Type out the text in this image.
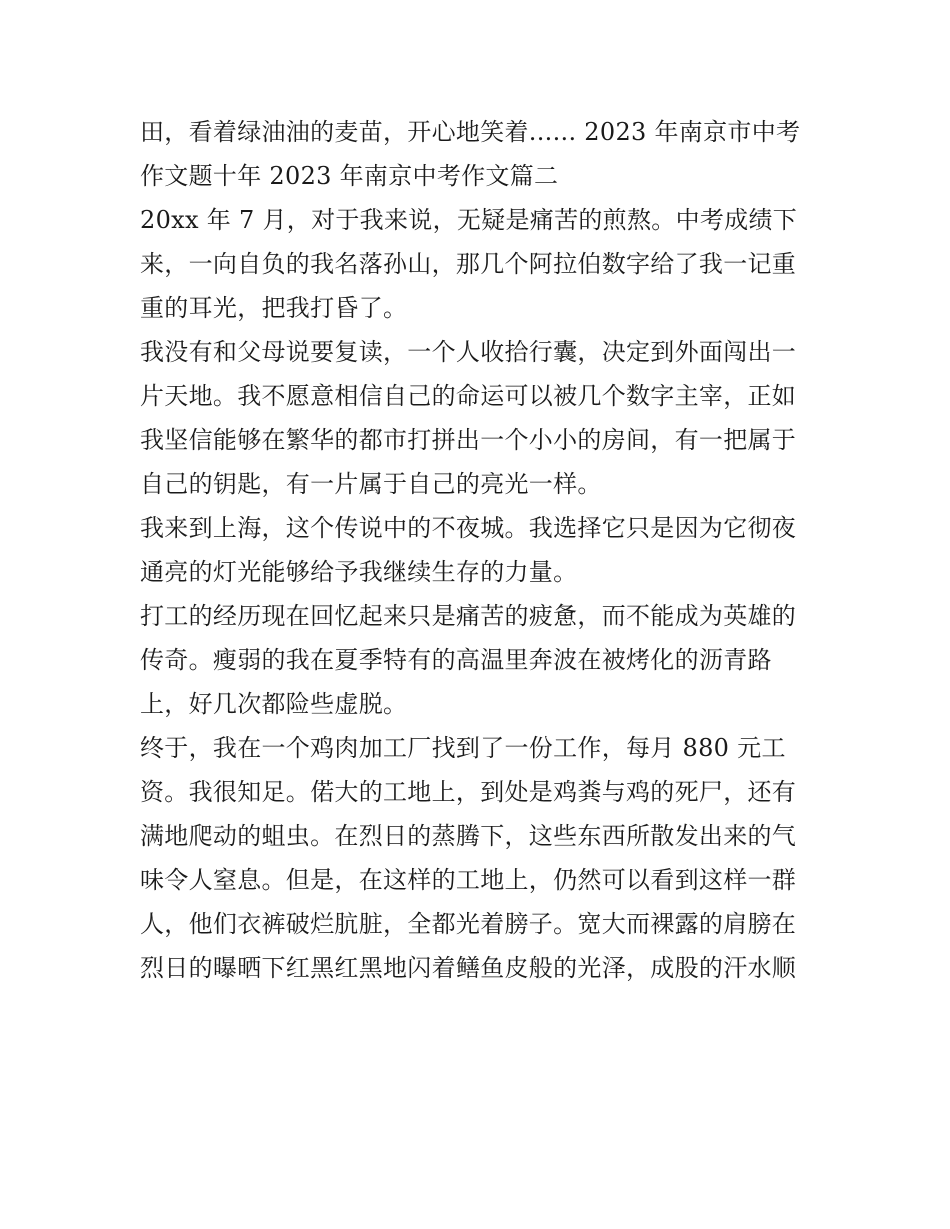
田，看着绿油油的麦苗，开心地笑着...... 2023 年南京市中考
作文题十年 2023 年南京中考作文篇二
20xx 年 7 月，对于我来说，无疑是痛苦的煎熬。中考成绩下
来，一向自负的我名落孙山，那几个阿拉伯数字给了我一记重
重的耳光，把我打昏了。
我没有和父母说要复读，一个人收拾行囊，决定到外面闯出一
片天地。我不愿意相信自己的命运可以被几个数字主宰，正如
我坚信能够在繁华的都市打拼出一个小小的房间，有一把属于
自己的钥匙，有一片属于自己的亮光一样。
我来到上海，这个传说中的不夜城。我选择它只是因为它彻夜
通亮的灯光能够给予我继续生存的力量。
打工的经历现在回忆起来只是痛苦的疲惫，而不能成为英雄的
传奇。瘦弱的我在夏季特有的高温里奔波在被烤化的沥青路
上，好几次都险些虚脱。
终于，我在一个鸡肉加工厂找到了一份工作，每月 880 元工
资。我很知足。偌大的工地上，到处是鸡粪与鸡的死尸，还有
满地爬动的蛆虫。在烈日的蒸腾下，这些东西所散发出来的气
味令人窒息。但是，在这样的工地上，仍然可以看到这样一群
人，他们衣裤破烂肮脏，全都光着膀子。宽大而裸露的肩膀在
烈日的曝晒下红黑红黑地闪着鳝鱼皮般的光泽，成股的汗水顺
